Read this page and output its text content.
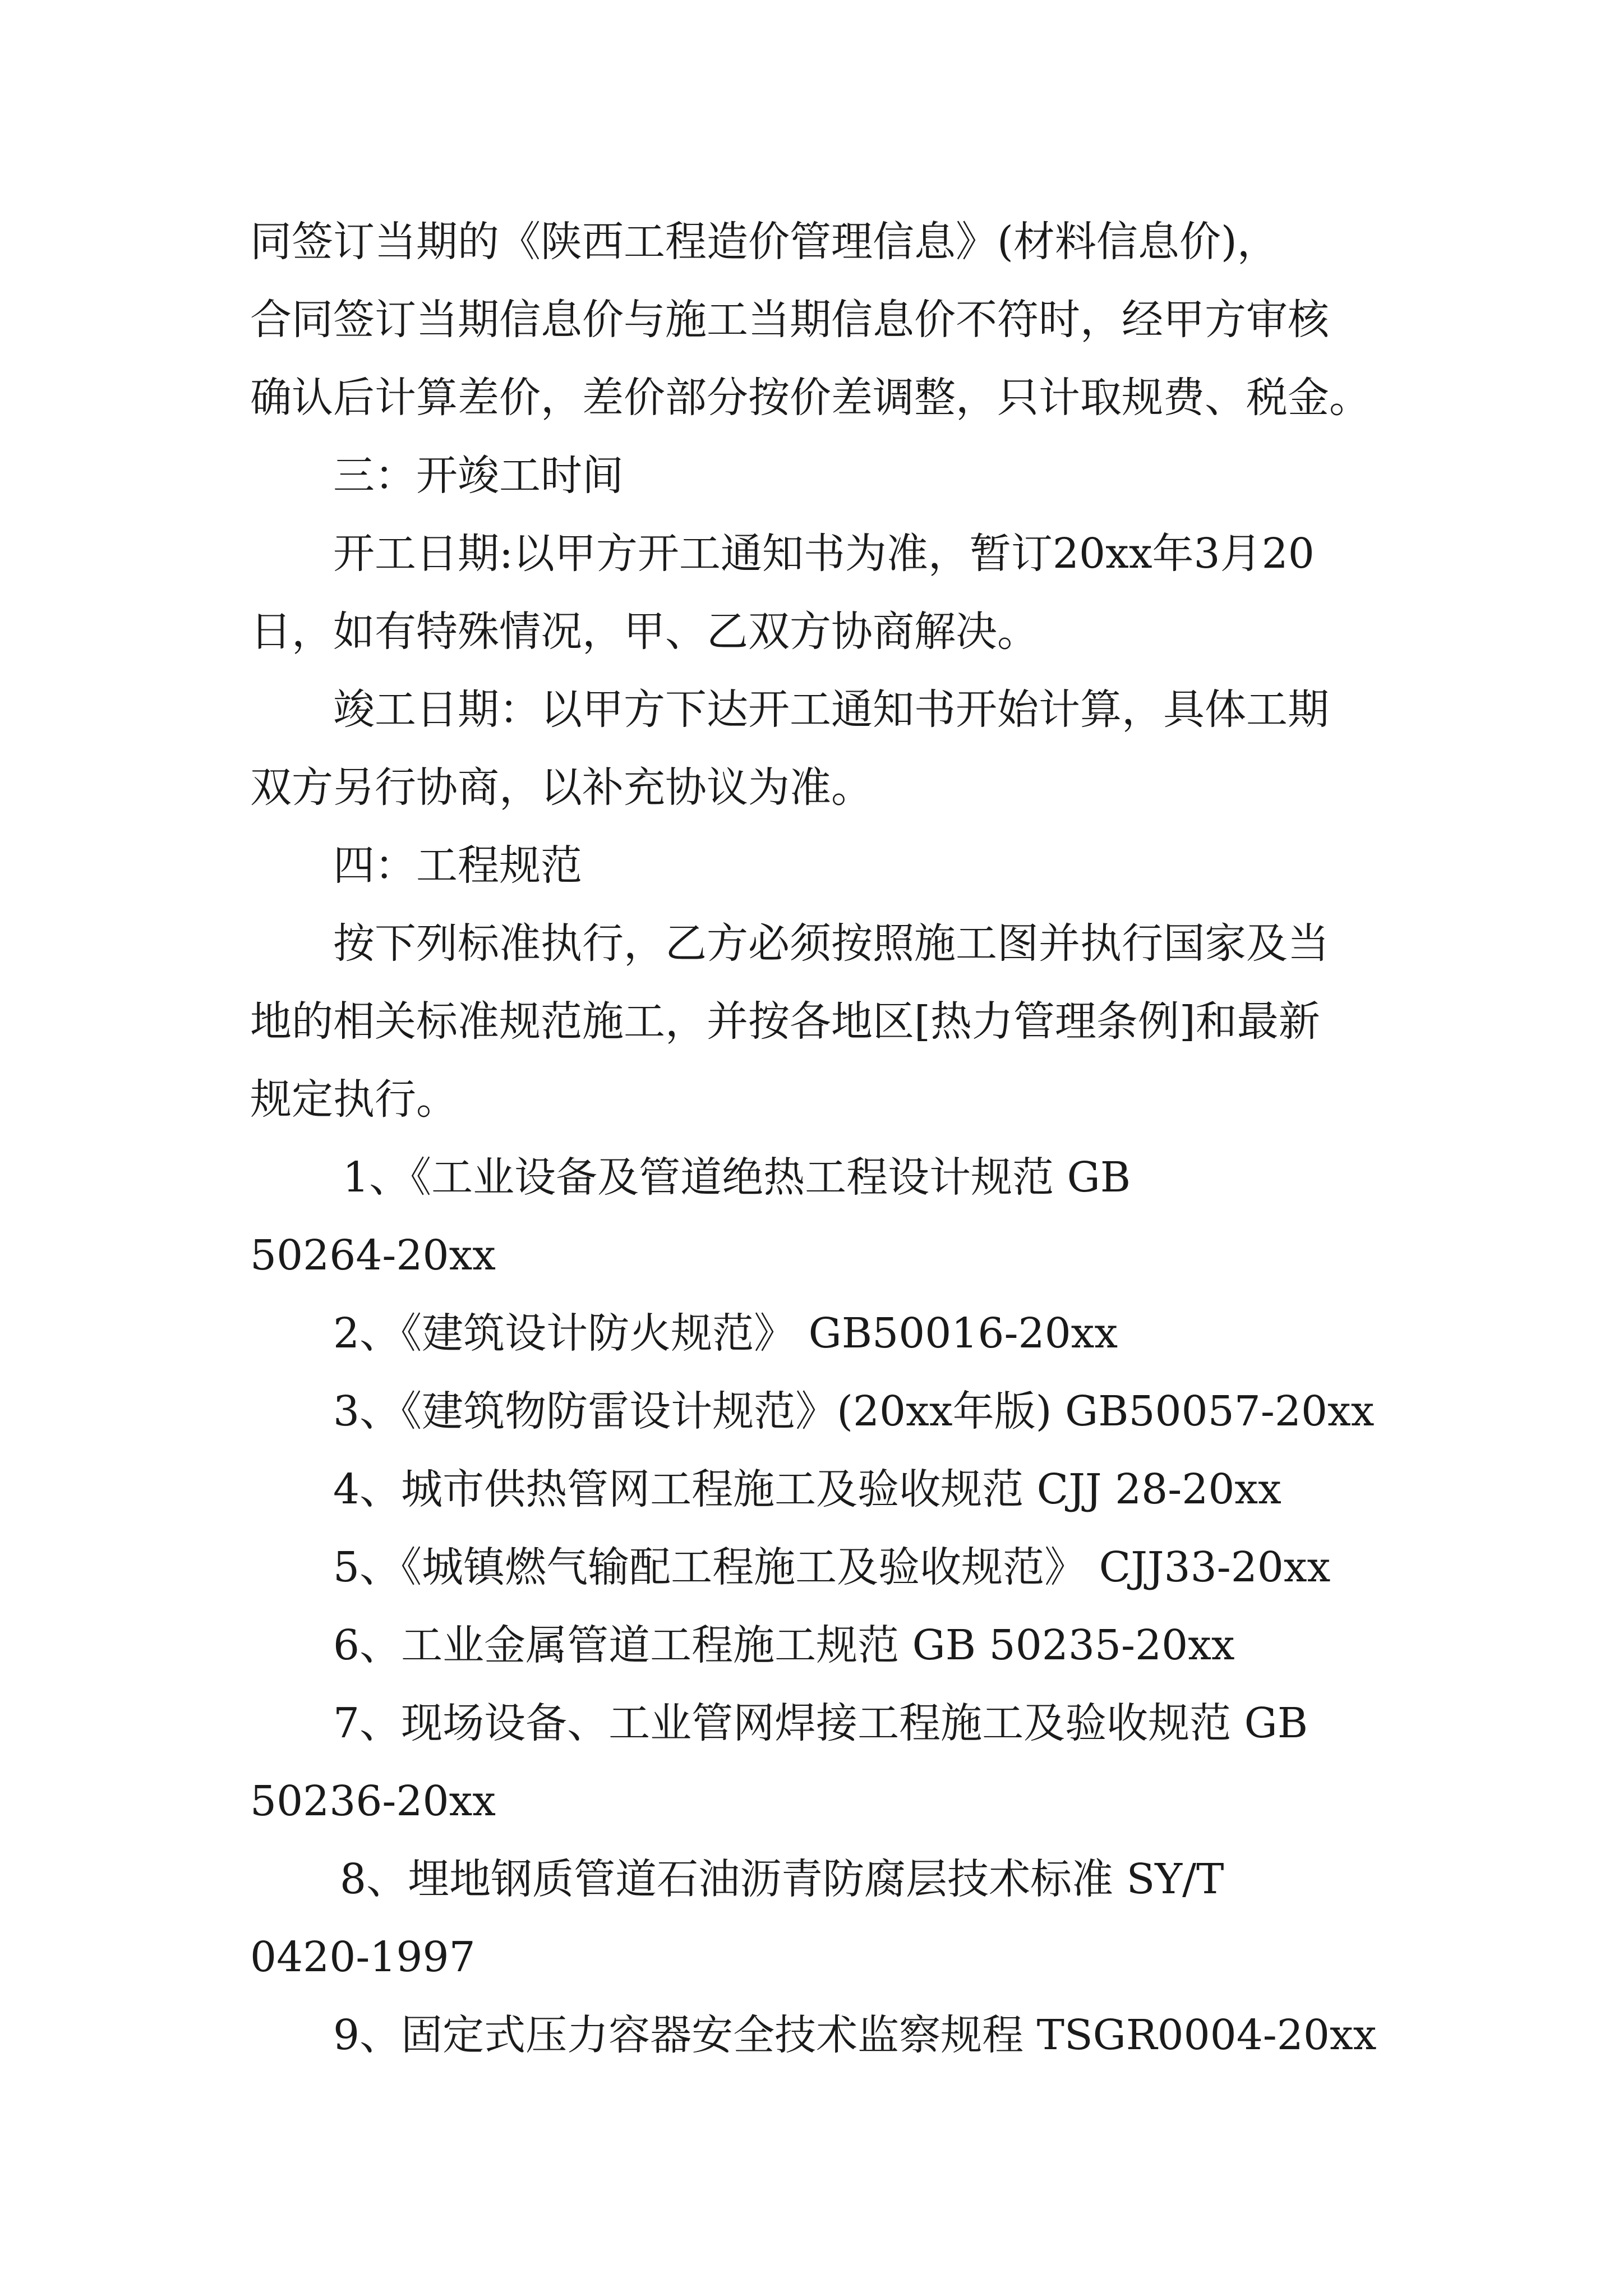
同签订当期的《陕西工程造价管理信息》(材料信息价)，
合同签订当期信息价与施工当期信息价不符时，经甲方审核
确认后计算差价，差价部分按价差调整，只计取规费、税金。
三：开竣工时间
开工日期:以甲方开工通知书为准，暂订20xx年3月20
日，如有特殊情况，甲、乙双方协商解决。
竣工日期：以甲方下达开工通知书开始计算，具体工期
双方另行协商，以补充协议为准。
四：工程规范
按下列标准执行，乙方必须按照施工图并执行国家及当
地的相关标准规范施工，并按各地区[热力管理条例]和最新
规定执行。
1、《工业设备及管道绝热工程设计规范 GB
50264-20xx
2、《建筑设计防火规范》 GB50016-20xx
3、《建筑物防雷设计规范》(20xx年版) GB50057-20xx
4、城市供热管网工程施工及验收规范 CJJ 28-20xx
5、《城镇燃气输配工程施工及验收规范》 CJJ33-20xx
6、工业金属管道工程施工规范 GB 50235-20xx
7、现场设备、工业管网焊接工程施工及验收规范 GB
50236-20xx
8、埋地钢质管道石油沥青防腐层技术标准 SY/T
0420-1997
9、固定式压力容器安全技术监察规程 TSGR0004-20xx
